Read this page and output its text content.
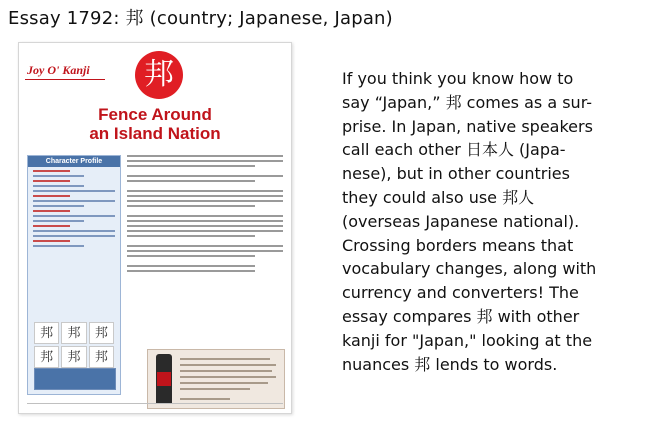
Essay 1792: 邦 (country; Japanese, Japan)
Joy O' Kanji	邦
Fence Around
an Island Nation
Character Profile
邦	邦	邦
邦	邦	邦
If you think you know how to
say “Japan,” 邦 comes as a sur-
prise. In Japan, native speakers
call each other 日本人 (Japa-
nese), but in other countries
they could also use 邦人
(overseas Japanese national).
Crossing borders means that
vocabulary changes, along with
currency and converters! The
essay compares 邦 with other
kanji for "Japan," looking at the
nuances 邦 lends to words.
